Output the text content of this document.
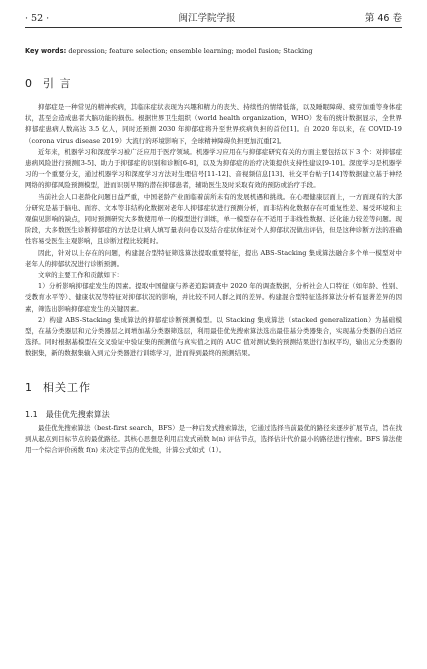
· 52 ·	闽江学院学报	第 46 卷
Key words: depression; feature selection; ensemble learning; model fusion; Stacking
0 引 言

抑郁症是一种常见的精神疾病，其临床症状表现为兴趣和精力的丧失、持续性的情绪低落，以及睡眠障碍、疲劳加重等身体症状，甚至会造成患者大脑功能的损伤。根据世界卫生组织（world health organization，WHO）发布的统计数据显示，全世界抑郁症患病人数高达 3.5 亿人，同时还预测 2030 年抑郁症将升至世界疾病负担的首位[1]。自 2020 年以来，在 COVID-19（corona virus disease 2019）大流行的环境影响下，全球精神障碍负担更加沉重[2]。

近年来，机器学习和深度学习被广泛应用于医疗领域。机器学习应用在与抑郁症研究有关的方面主要包括以下 3 个：对抑郁症患病风险进行预测[3-5]、助力于抑郁症的识别和诊断[6-8]，以及为抑郁症的治疗决策提供支持性建议[9-10]。深度学习是机器学习的一个重要分支，通过机器学习和深度学习方法对生理信号[11-12]、音视频信息[13]、社交平台帖子[14]等数据建立基于神经网络的抑郁风险预测模型，进而识别早期的潜在抑郁患者，辅助医生及时采取有效的预防或治疗手段。

当前社会人口老龄化问题日益严重，中国老龄产业面临着前所未有的发展机遇和挑战。在心理健康层面上，一方面现有的大部分研究是基于脑电、面容、文本等非结构化数据对老年人抑郁症状进行预测分析，而非结构化数据存在可重复性差、易受环境和主观偏见影响的缺点，同时预测研究大多数使用单一的模型进行训练，单一模型存在不适用于非线性数据、泛化能力较差等问题。现阶段，大多数医生诊断抑郁症的方法是让病人填写量表问卷以及结合症状体征对个人抑郁状况做出评估，但是这种诊断方法的准确性容易受医生主观影响，且诊断过程比较耗时。

因此，针对以上存在的问题，构建混合型特征筛选算法提取重要特征，提出 ABS-Stacking 集成算法融合多个单一模型对中老年人的抑郁状况进行诊断预测。

文章的主要工作和贡献如下：

1）分析影响抑郁症发生的因素。提取中国健康与养老追踪调查中 2020 年的调查数据，分析社会人口特征（如年龄、性别、受教育水平等）、健康状况等特征对抑郁状况的影响，并比较不同人群之间的差异。构建混合型特征选择算法分析有显著差异的因素，筛选出影响抑郁症发生的关键因素。

2）构建 ABS-Stacking 集成算法的抑郁症诊断预测模型。以 Stacking 集成算法（stacked generalization）为基础模型，在基分类器层和元分类器层之间增加基分类器筛选层，利用最佳优先搜索算法选出最佳基分类器集合，实现基分类器的自适应选择。同时根据基模型在交叉验证中验证集的预测值与真实值之间的 AUC 值对测试集的预测结果进行加权平均，输出元分类器的数据集，新的数据集输入到元分类器进行训练学习，进而得到最终的预测结果。

1 相关工作
1.1 最佳优先搜索算法

最佳优先搜索算法（best-first search，BFS）是一种启发式搜索算法，它通过选择当前最优的路径来逐步扩展节点，旨在找到从起点到目标节点的最优路径。其核心思想是利用启发式函数 h(n) 评估节点，选择估计代价最小的路径进行搜索。BFS 算法使用一个综合评价函数 f(n) 来决定节点的优先级，计算公式如式（1）。
